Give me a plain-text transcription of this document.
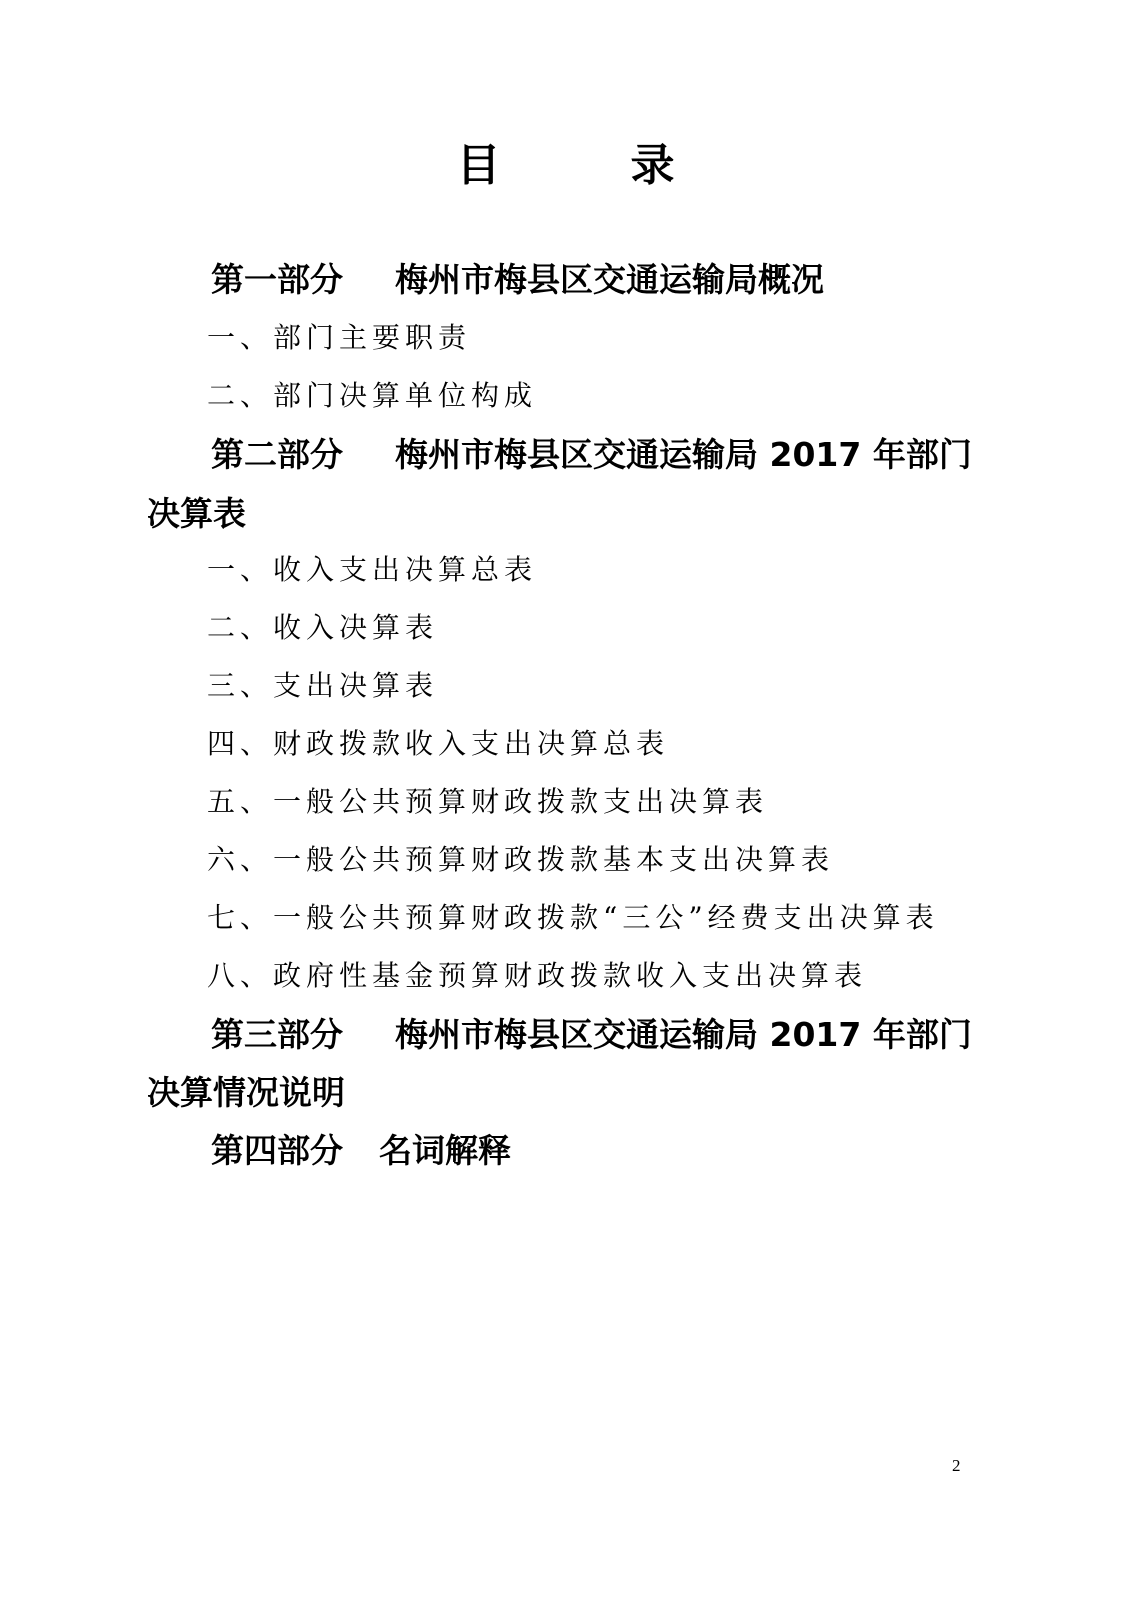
目	录
第一部分 梅州市梅县区交通运输局概况
一、部门主要职责
二、部门决算单位构成
第二部分 梅州市梅县区交通运输局 2017 年部门
决算表
一、收入支出决算总表
二、收入决算表
三、支出决算表
四、财政拨款收入支出决算总表
五、一般公共预算财政拨款支出决算表
六、一般公共预算财政拨款基本支出决算表
七、一般公共预算财政拨款“三公”经费支出决算表
八、政府性基金预算财政拨款收入支出决算表
第三部分 梅州市梅县区交通运输局 2017 年部门
决算情况说明
第四部分 名词解释
2
